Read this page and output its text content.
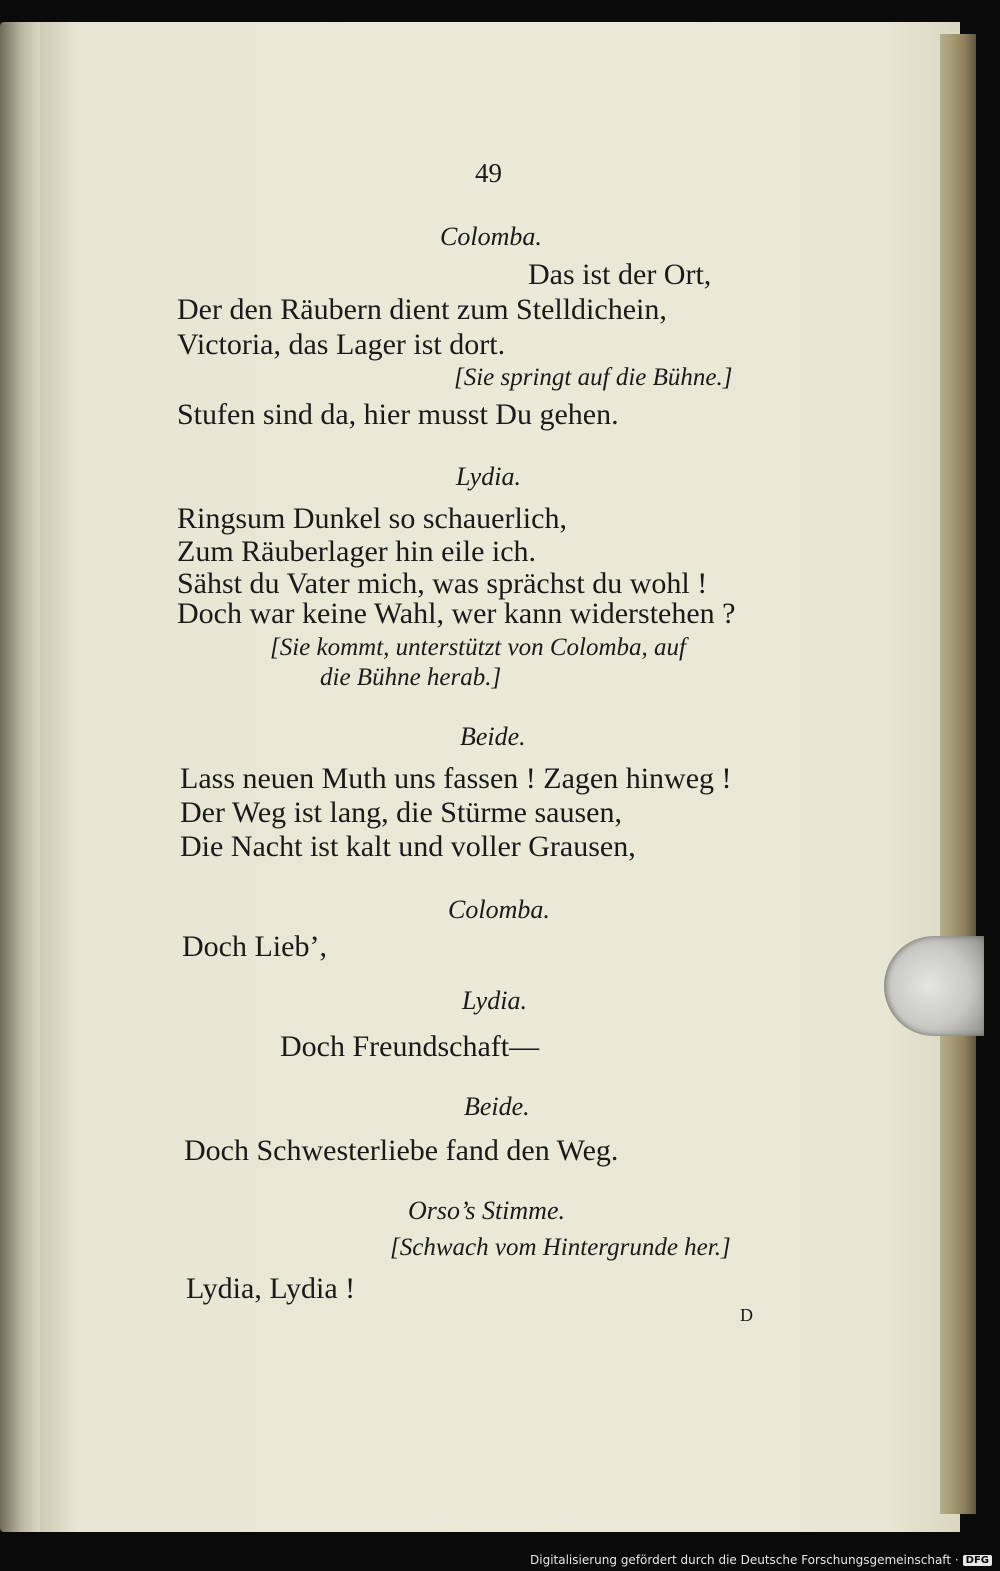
49
Colomba.
Das ist der Ort,
Der den Räubern dient zum Stelldichein,
Victoria, das Lager ist dort.
[Sie springt auf die Bühne.]
Stufen sind da, hier musst Du gehen.
Lydia.
Ringsum Dunkel so schauerlich,
Zum Räuberlager hin eile ich.
Sähst du Vater mich, was sprächst du wohl !
Doch war keine Wahl, wer kann widerstehen ?
[Sie kommt, unterstützt von Colomba, auf
die Bühne herab.]
Beide.
Lass neuen Muth uns fassen ! Zagen hinweg !
Der Weg ist lang, die Stürme sausen,
Die Nacht ist kalt und voller Grausen,
Colomba.
Doch Lieb’,
Lydia.
Doch Freundschaft—
Beide.
Doch Schwesterliebe fand den Weg.
Orso’s Stimme.
[Schwach vom Hintergrunde her.]
Lydia, Lydia !
D
Digitalisierung gefördert durch die Deutsche Forschungsgemeinschaft · DFG
